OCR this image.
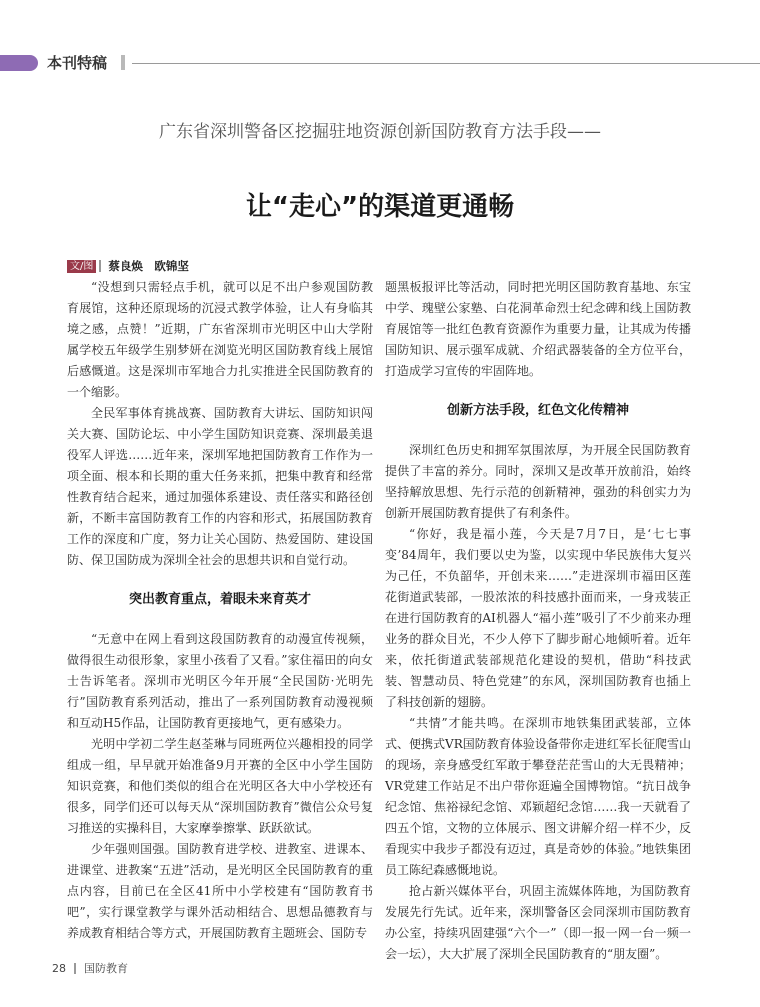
本刊特稿
广东省深圳警备区挖掘驻地资源创新国防教育方法手段——
让“走心”的渠道更通畅
文/图 蔡良焕　欧锦坚

“没想到只需轻点手机，就可以足不出户参观国防教育展馆，这种还原现场的沉浸式教学体验，让人有身临其境之感，点赞！”近期，广东省深圳市光明区中山大学附属学校五年级学生别梦妍在浏览光明区国防教育线上展馆后感慨道。这是深圳市军地合力扎实推进全民国防教育的一个缩影。

全民军事体育挑战赛、国防教育大讲坛、国防知识闯关大赛、国防论坛、中小学生国防知识竞赛、深圳最美退役军人评选……近年来，深圳军地把国防教育工作作为一项全面、根本和长期的重大任务来抓，把集中教育和经常性教育结合起来，通过加强体系建设、责任落实和路径创新，不断丰富国防教育工作的内容和形式，拓展国防教育工作的深度和广度，努力让关心国防、热爱国防、建设国防、保卫国防成为深圳全社会的思想共识和自觉行动。

突出教育重点，着眼未来育英才

“无意中在网上看到这段国防教育的动漫宣传视频，做得很生动很形象，家里小孩看了又看。”家住福田的向女士告诉笔者。深圳市光明区今年开展“全民国防·光明先行”国防教育系列活动，推出了一系列国防教育动漫视频和互动H5作品，让国防教育更接地气，更有感染力。

光明中学初二学生赵荃琳与同班两位兴趣相投的同学组成一组，早早就开始准备9月开赛的全区中小学生国防知识竞赛，和他们类似的组合在光明区各大中小学校还有很多，同学们还可以每天从“深圳国防教育”微信公众号复习推送的实操科目，大家摩拳擦掌、跃跃欲试。

少年强则国强。国防教育进学校、进教室、进课本、进课堂、进教案“五进”活动，是光明区全民国防教育的重点内容，目前已在全区41所中小学校建有“国防教育书吧”，实行课堂教学与课外活动相结合、思想品德教育与养成教育相结合等方式，开展国防教育主题班会、国防专

题黑板报评比等活动，同时把光明区国防教育基地、东宝中学、瑰壁公家塾、白花洞革命烈士纪念碑和线上国防教育展馆等一批红色教育资源作为重要力量，让其成为传播国防知识、展示强军成就、介绍武器装备的全方位平台，打造成学习宣传的牢固阵地。

创新方法手段，红色文化传精神

深圳红色历史和拥军氛围浓厚，为开展全民国防教育提供了丰富的养分。同时，深圳又是改革开放前沿，始终坚持解放思想、先行示范的创新精神，强劲的科创实力为创新开展国防教育提供了有利条件。

“你好，我是福小莲，今天是7月7日，是‘七七事变’84周年，我们要以史为鉴，以实现中华民族伟大复兴为己任，不负韶华，开创未来……”走进深圳市福田区莲花街道武装部，一股浓浓的科技感扑面而来，一身戎装正在进行国防教育的AI机器人“福小莲”吸引了不少前来办理业务的群众目光，不少人停下了脚步耐心地倾听着。近年来，依托街道武装部规范化建设的契机，借助“科技武装、智慧动员、特色党建”的东风，深圳国防教育也插上了科技创新的翅膀。

“共情”才能共鸣。在深圳市地铁集团武装部，立体式、便携式VR国防教育体验设备带你走进红军长征爬雪山的现场，亲身感受红军敢于攀登茫茫雪山的大无畏精神；VR党建工作站足不出户带你逛遍全国博物馆。“抗日战争纪念馆、焦裕禄纪念馆、邓颖超纪念馆……我一天就看了四五个馆，文物的立体展示、图文讲解介绍一样不少，反看现实中我步子都没有迈过，真是奇妙的体验。”地铁集团员工陈纪森感慨地说。

抢占新兴媒体平台，巩固主流媒体阵地，为国防教育发展先行先试。近年来，深圳警备区会同深圳市国防教育办公室，持续巩固建强“六个一”（即一报一网一台一频一会一坛），大大扩展了深圳全民国防教育的“朋友圈”。

28 国防教育
